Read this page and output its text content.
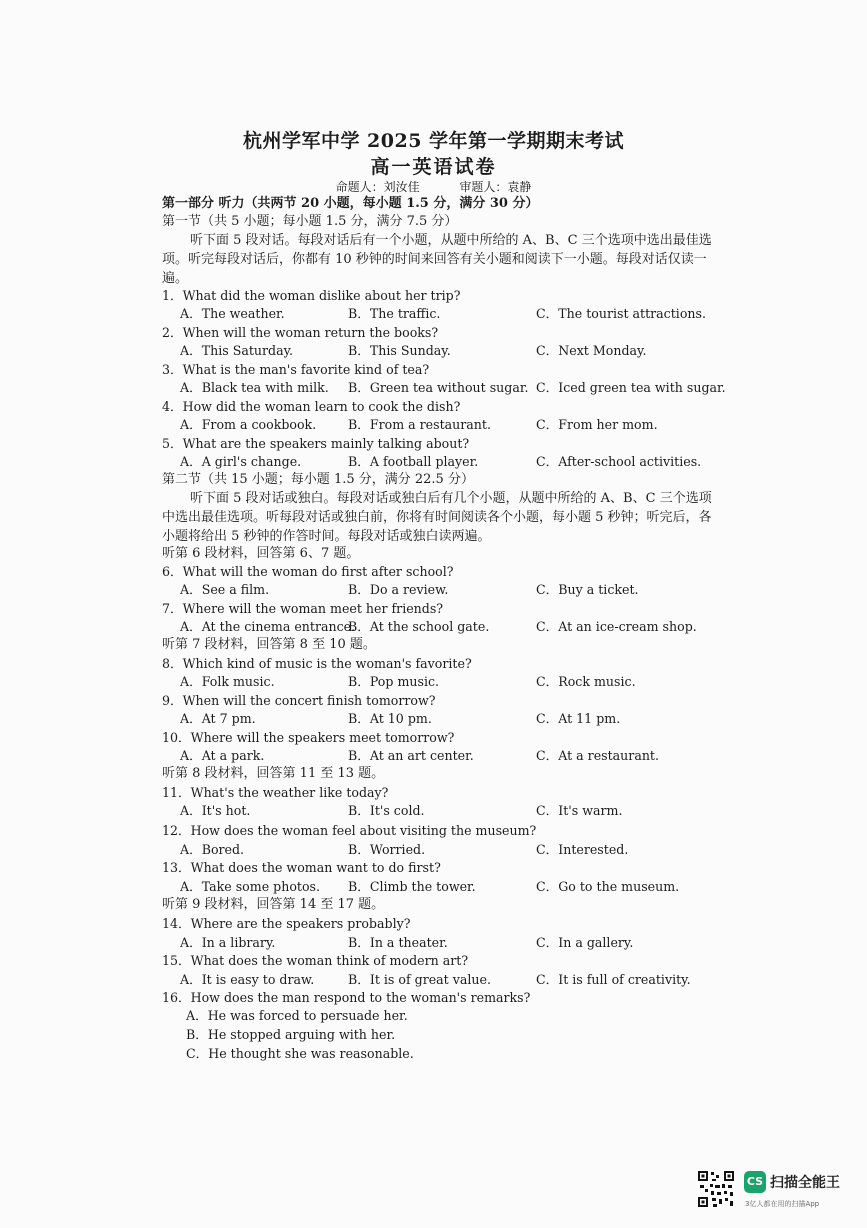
杭州学军中学 2025 学年第一学期期末考试
高一英语试卷
命题人：刘汝佳	审题人：袁静
第一部分 听力（共两节 20 小题，每小题 1.5 分，满分 30 分）
第一节（共 5 小题；每小题 1.5 分，满分 7.5 分）
听下面 5 段对话。每段对话后有一个小题，从题中所给的 A、B、C 三个选项中选出最佳选项。听完每段对话后，你都有 10 秒钟的时间来回答有关小题和阅读下一小题。每段对话仅读一遍。
1．What did the woman dislike about her trip?
A．The weather.	B．The traffic.	C．The tourist attractions.
2．When will the woman return the books?
A．This Saturday.	B．This Sunday.	C．Next Monday.
3．What is the man's favorite kind of tea?
A．Black tea with milk. B．Green tea without sugar. C．Iced green tea with sugar.
4．How did the woman learn to cook the dish?
A．From a cookbook.	B．From a restaurant.	C．From her mom.
5．What are the speakers mainly talking about?
A．A girl's change.	B．A football player.	C．After-school activities.
第二节（共 15 小题；每小题 1.5 分，满分 22.5 分）
听下面 5 段对话或独白。每段对话或独白后有几个小题，从题中所给的 A、B、C 三个选项中选出最佳选项。听每段对话或独白前，你将有时间阅读各个小题，每小题 5 秒钟；听完后，各小题将给出 5 秒钟的作答时间。每段对话或独白读两遍。
听第 6 段材料，回答第 6、7 题。
6．What will the woman do first after school?
A．See a film.	B．Do a review.	C．Buy a ticket.
7．Where will the woman meet her friends?
A．At the cinema entrance.
B．At the school gate.	C．At an ice-cream shop.
听第 7 段材料，回答第 8 至 10 题。
8．Which kind of music is the woman's favorite?
A．Folk music.	B．Pop music.	C．Rock music.
9．When will the concert finish tomorrow?
A．At 7 pm.	B．At 10 pm.	C．At 11 pm.
10．Where will the speakers meet tomorrow?
A．At a park.	B．At an art center.	C．At a restaurant.
听第 8 段材料，回答第 11 至 13 题。
11．What's the weather like today?
A．It's hot.	B．It's cold.	C．It's warm.
12．How does the woman feel about visiting the museum?
A．Bored.	B．Worried.	C．Interested.
13．What does the woman want to do first?
A．Take some photos. B．Climb the tower.	C．Go to the museum.
听第 9 段材料，回答第 14 至 17 题。
14．Where are the speakers probably?
A．In a library.	B．In a theater.	C．In a gallery.
15．What does the woman think of modern art?
A．It is easy to draw.	B．It is of great value.	C．It is full of creativity.
16．How does the man respond to the woman's remarks?
A．He was forced to persuade her.
B．He stopped arguing with her.
C．He thought she was reasonable.
CS 扫描全能王
3亿人都在用的扫描App
